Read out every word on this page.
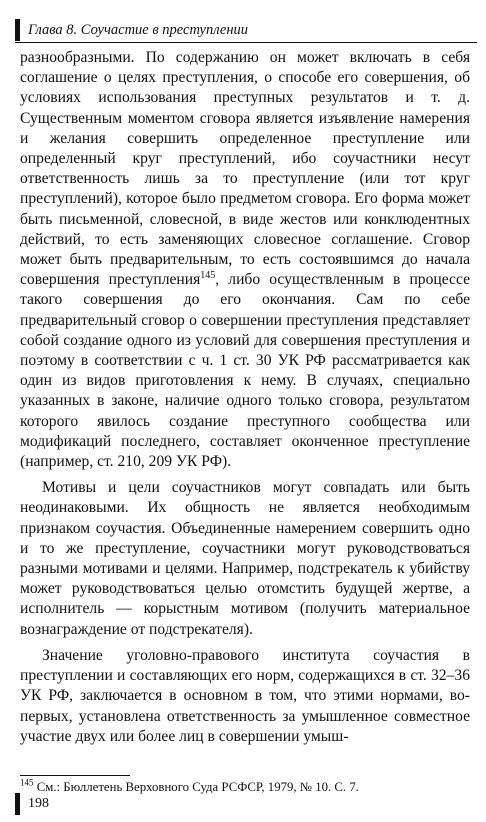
Глава 8. Соучастие в преступлении

разнообразными. По содержанию он может включать в себя соглашение о целях преступления, о способе его совершения, об условиях использования преступных результатов и т. д. Существенным моментом сговора является изъявление намерения и желания совершить определенное преступление или определенный круг преступлений, ибо соучастники несут ответственность лишь за то преступление (или тот круг преступлений), которое было предметом сговора. Его форма может быть письменной, словесной, в виде жестов или конклюдентных действий, то есть заменяющих словесное соглашение. Сговор может быть предварительным, то есть состоявшимся до начала совершения преступления$^{145}$, либо осуществленным в процессе такого совершения до его окончания. Сам по себе предварительный сговор о совершении преступления представляет собой создание одного из условий для совершения преступления и поэтому в соответствии с ч. 1 ст. 30 УК РФ рассматривается как один из видов приготовления к нему. В случаях, специально указанных в законе, наличие одного только сговора, результатом которого явилось создание преступного сообщества или модификаций последнего, составляет оконченное преступление (например, ст. 210, 209 УК РФ).

Мотивы и цели соучастников могут совпадать или быть неодинаковыми. Их общность не является необходимым признаком соучастия. Объединенные намерением совершить одно и то же преступление, соучастники могут руководствоваться разными мотивами и целями. Например, подстрекатель к убийству может руководствоваться целью отомстить будущей жертве, а исполнитель — корыстным мотивом (получить материальное вознаграждение от подстрекателя).

Значение уголовно-правового института соучастия в преступлении и составляющих его норм, содержащихся в ст. 32–36 УК РФ, заключается в основном в том, что этими нормами, во-первых, установлена ответственность за умышленное совместное участие двух или более лиц в совершении умыш-

$^{145}$ См.: Бюллетень Верховного Суда РСФСР, 1979, № 10. С. 7.
198
